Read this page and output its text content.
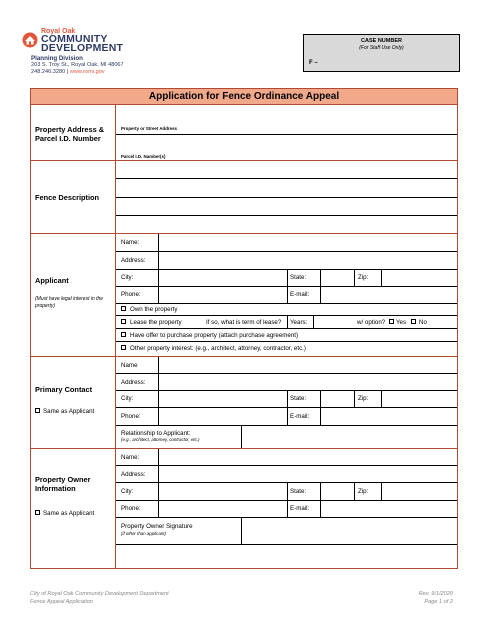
Royal Oak
COMMUNITY
DEVELOPMENT
Planning Division
203 S. Troy St., Royal Oak, MI 48067
248.246.3280 | www.romi.gov
CASE NUMBER
(For Staff Use Only)
F –
Application for Fence Ordinance Appeal
Property Address & Parcel I.D. Number
Property or Street Address
Parcel I.D. Number(s)
Fence Description
Applicant
(Must have legal interest in the property)
Name:
Address:
City:	State:	Zip:
Phone:	E-mail:
Own the property
Lease the property	If so, what is term of lease? Years:	w/ option? Yes No
Have offer to purchase property (attach purchase agreement)
Other property interest: (e.g., architect, attorney, contractor, etc.)
Primary Contact
Same as Applicant
Name
Address:
City:	State:	Zip:
Phone:	E-mail:
Relationship to Applicant:
(e.g., architect, attorney, contractor, etc.)
Property Owner Information
Same as Applicant
Name:
Address:
City:	State:	Zip:
Phone:	E-mail:
Property Owner Signature
(if other than applicant)
City of Royal Oak Community Development Department
Fence Appeal Application
Rev. 9/1/2020
Page 1 of 2
